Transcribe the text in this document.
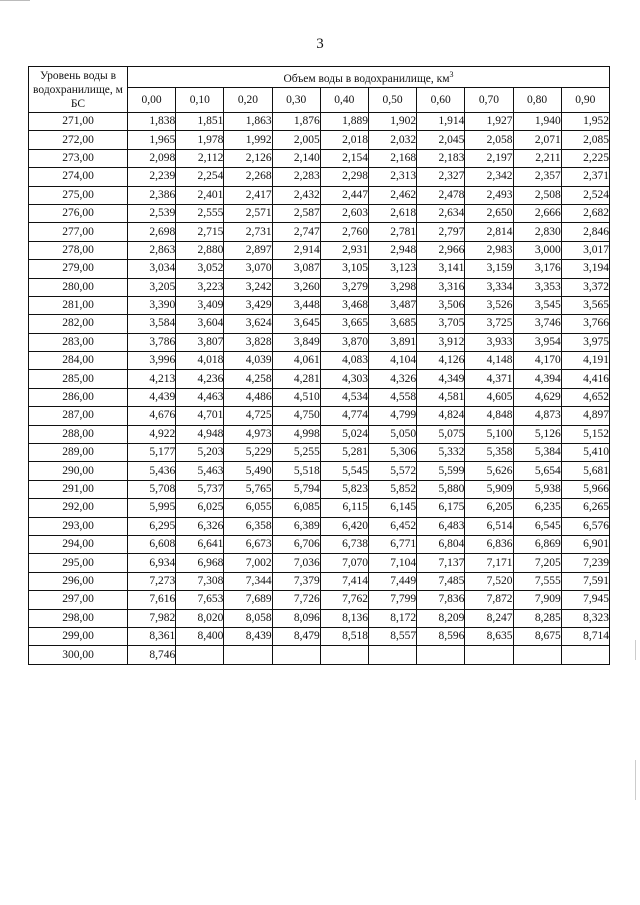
3
Уровень воды в водохранилище, м БС	Объем воды в водохранилище, $км^3$
	0,00	0,10	0,20	0,30	0,40	0,50	0,60	0,70	0,80	0,90
271,00	1,838	1,851	1,863	1,876	1,889	1,902	1,914	1,927	1,940	1,952
272,00	1,965	1,978	1,992	2,005	2,018	2,032	2,045	2,058	2,071	2,085
273,00	2,098	2,112	2,126	2,140	2,154	2,168	2,183	2,197	2,211	2,225
274,00	2,239	2,254	2,268	2,283	2,298	2,313	2,327	2,342	2,357	2,371
275,00	2,386	2,401	2,417	2,432	2,447	2,462	2,478	2,493	2,508	2,524
276,00	2,539	2,555	2,571	2,587	2,603	2,618	2,634	2,650	2,666	2,682
277,00	2,698	2,715	2,731	2,747	2,760	2,781	2,797	2,814	2,830	2,846
278,00	2,863	2,880	2,897	2,914	2,931	2,948	2,966	2,983	3,000	3,017
279,00	3,034	3,052	3,070	3,087	3,105	3,123	3,141	3,159	3,176	3,194
280,00	3,205	3,223	3,242	3,260	3,279	3,298	3,316	3,334	3,353	3,372
281,00	3,390	3,409	3,429	3,448	3,468	3,487	3,506	3,526	3,545	3,565
282,00	3,584	3,604	3,624	3,645	3,665	3,685	3,705	3,725	3,746	3,766
283,00	3,786	3,807	3,828	3,849	3,870	3,891	3,912	3,933	3,954	3,975
284,00	3,996	4,018	4,039	4,061	4,083	4,104	4,126	4,148	4,170	4,191
285,00	4,213	4,236	4,258	4,281	4,303	4,326	4,349	4,371	4,394	4,416
286,00	4,439	4,463	4,486	4,510	4,534	4,558	4,581	4,605	4,629	4,652
287,00	4,676	4,701	4,725	4,750	4,774	4,799	4,824	4,848	4,873	4,897
288,00	4,922	4,948	4,973	4,998	5,024	5,050	5,075	5,100	5,126	5,152
289,00	5,177	5,203	5,229	5,255	5,281	5,306	5,332	5,358	5,384	5,410
290,00	5,436	5,463	5,490	5,518	5,545	5,572	5,599	5,626	5,654	5,681
291,00	5,708	5,737	5,765	5,794	5,823	5,852	5,880	5,909	5,938	5,966
292,00	5,995	6,025	6,055	6,085	6,115	6,145	6,175	6,205	6,235	6,265
293,00	6,295	6,326	6,358	6,389	6,420	6,452	6,483	6,514	6,545	6,576
294,00	6,608	6,641	6,673	6,706	6,738	6,771	6,804	6,836	6,869	6,901
295,00	6,934	6,968	7,002	7,036	7,070	7,104	7,137	7,171	7,205	7,239
296,00	7,273	7,308	7,344	7,379	7,414	7,449	7,485	7,520	7,555	7,591
297,00	7,616	7,653	7,689	7,726	7,762	7,799	7,836	7,872	7,909	7,945
298,00	7,982	8,020	8,058	8,096	8,136	8,172	8,209	8,247	8,285	8,323
299,00	8,361	8,400	8,439	8,479	8,518	8,557	8,596	8,635	8,675	8,714
300,00	8,746									
